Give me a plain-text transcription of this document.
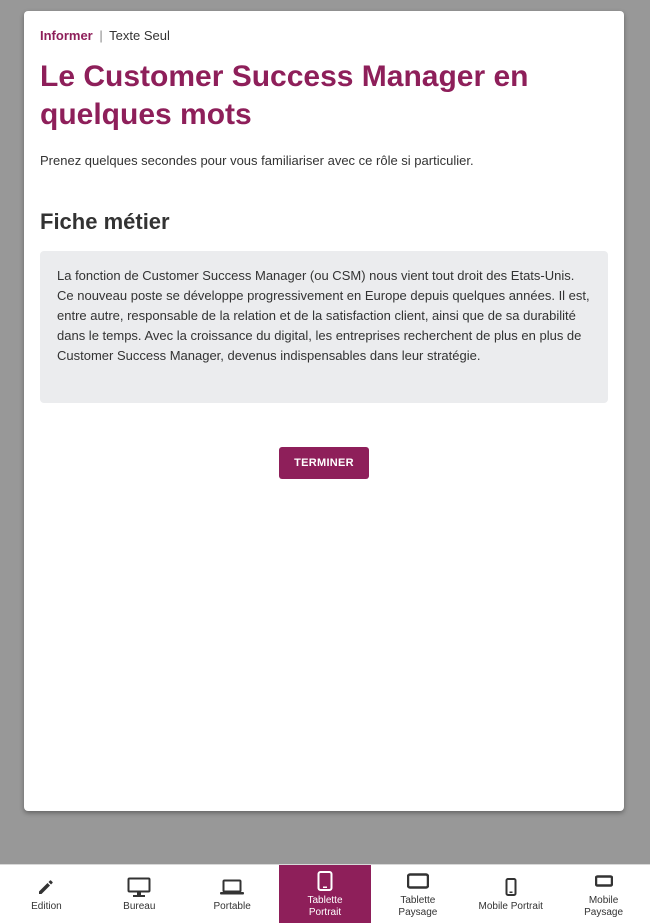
Informer | Texte Seul
Le Customer Success Manager en quelques mots

Prenez quelques secondes pour vous familiariser avec ce rôle si particulier.

Fiche métier

La fonction de Customer Success Manager (ou CSM) nous vient tout droit des Etats-Unis. Ce nouveau poste se développe progressivement en Europe depuis quelques années. Il est, entre autre, responsable de la relation et de la satisfaction client, ainsi que de sa durabilité dans le temps. Avec la croissance du digital, les entreprises recherchent de plus en plus de Customer Success Manager, devenus indispensables dans leur stratégie.

TERMINER
Edition	Bureau	Portable
Tablette
Portrait
Tablette
Paysage
Mobile Portrait
Mobile
Paysage
